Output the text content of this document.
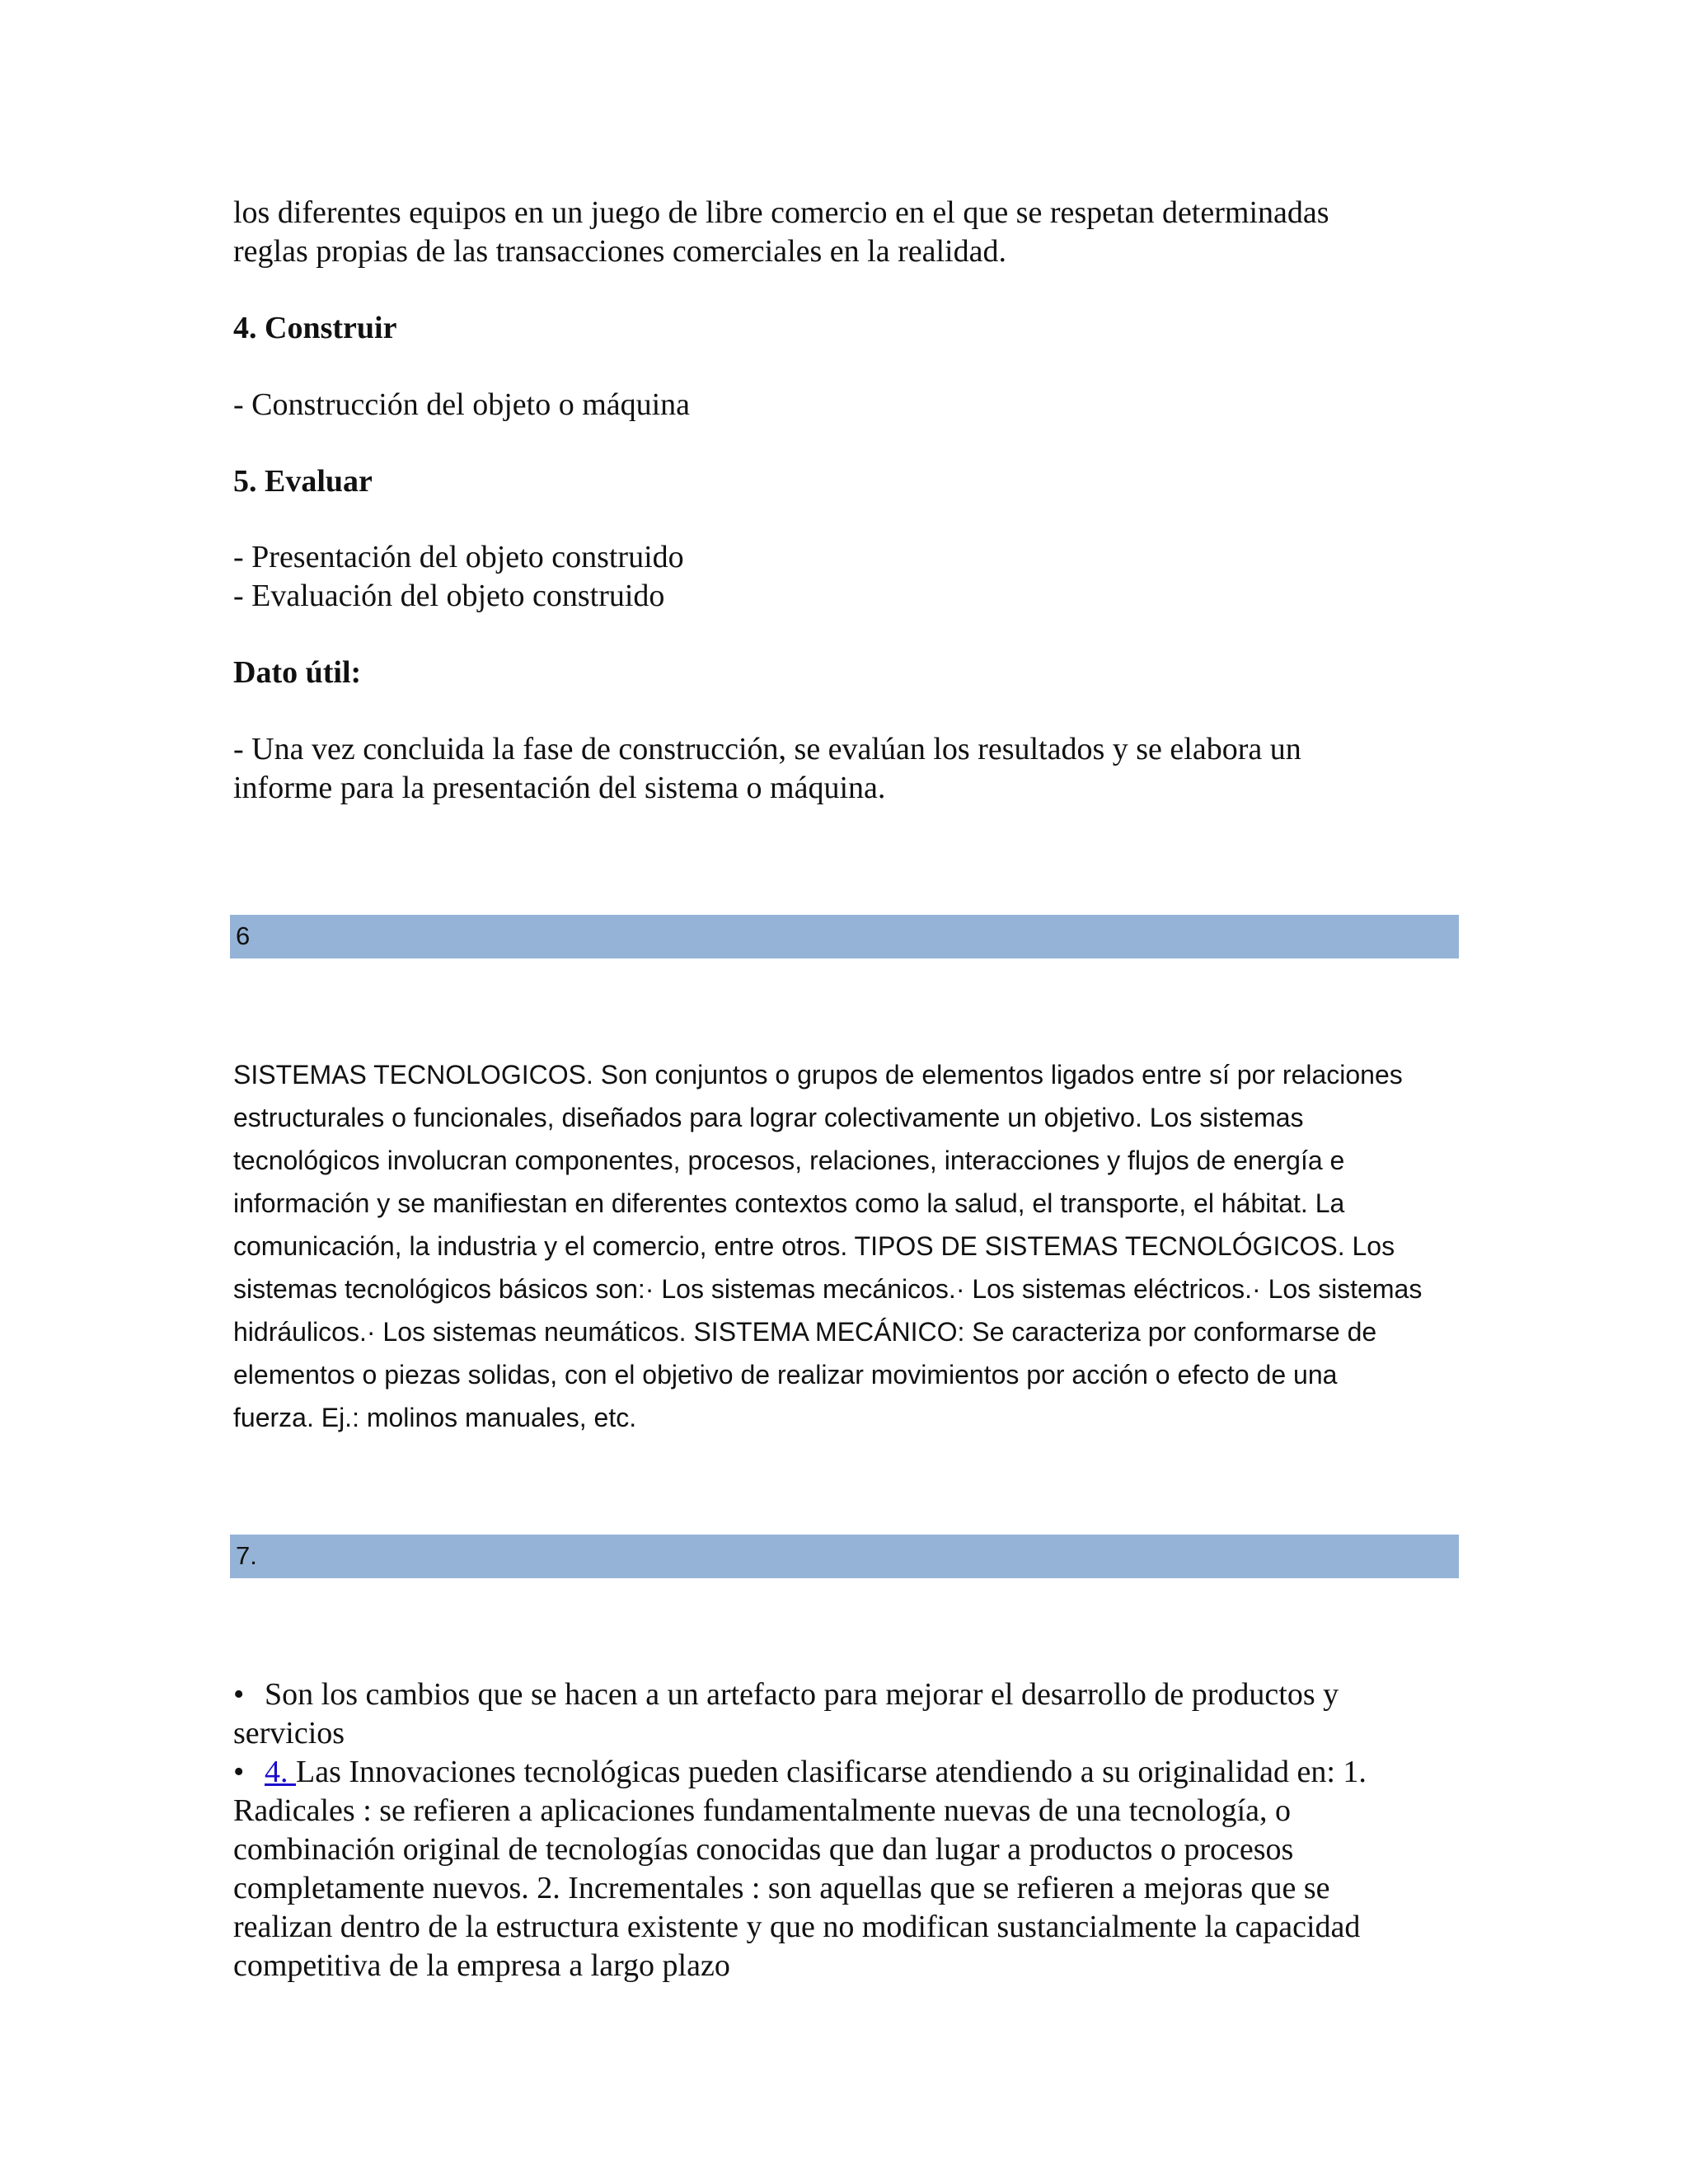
los diferentes equipos en un juego de libre comercio en el que se respetan determinadas
reglas propias de las transacciones comerciales en la realidad.

4. Construir

- Construcción del objeto o máquina

5. Evaluar

- Presentación del objeto construido
- Evaluación del objeto construido

Dato útil:

- Una vez concluida la fase de construcción, se evalúan los resultados y se elabora un
informe para la presentación del sistema o máquina.

6

SISTEMAS TECNOLOGICOS. Son conjuntos o grupos de elementos ligados entre sí por relaciones
estructurales o funcionales, diseñados para lograr colectivamente un objetivo. Los sistemas
tecnológicos involucran componentes, procesos, relaciones, interacciones y flujos de energía e
información y se manifiestan en diferentes contextos como la salud, el transporte, el hábitat. La
comunicación, la industria y el comercio, entre otros. TIPOS DE SISTEMAS TECNOLÓGICOS. Los
sistemas tecnológicos básicos son:· Los sistemas mecánicos.· Los sistemas eléctricos.· Los sistemas
hidráulicos.· Los sistemas neumáticos. SISTEMA MECÁNICO: Se caracteriza por conformarse de
elementos o piezas solidas, con el objetivo de realizar movimientos por acción o efecto de una
fuerza. Ej.: molinos manuales, etc.

7.
• Son los cambios que se hacen a un artefacto para mejorar el desarrollo de productos y
servicios
• 4. Las Innovaciones tecnológicas pueden clasificarse atendiendo a su originalidad en: 1.
Radicales : se refieren a aplicaciones fundamentalmente nuevas de una tecnología, o
combinación original de tecnologías conocidas que dan lugar a productos o procesos
completamente nuevos. 2. Incrementales : son aquellas que se refieren a mejoras que se
realizan dentro de la estructura existente y que no modifican sustancialmente la capacidad
competitiva de la empresa a largo plazo
